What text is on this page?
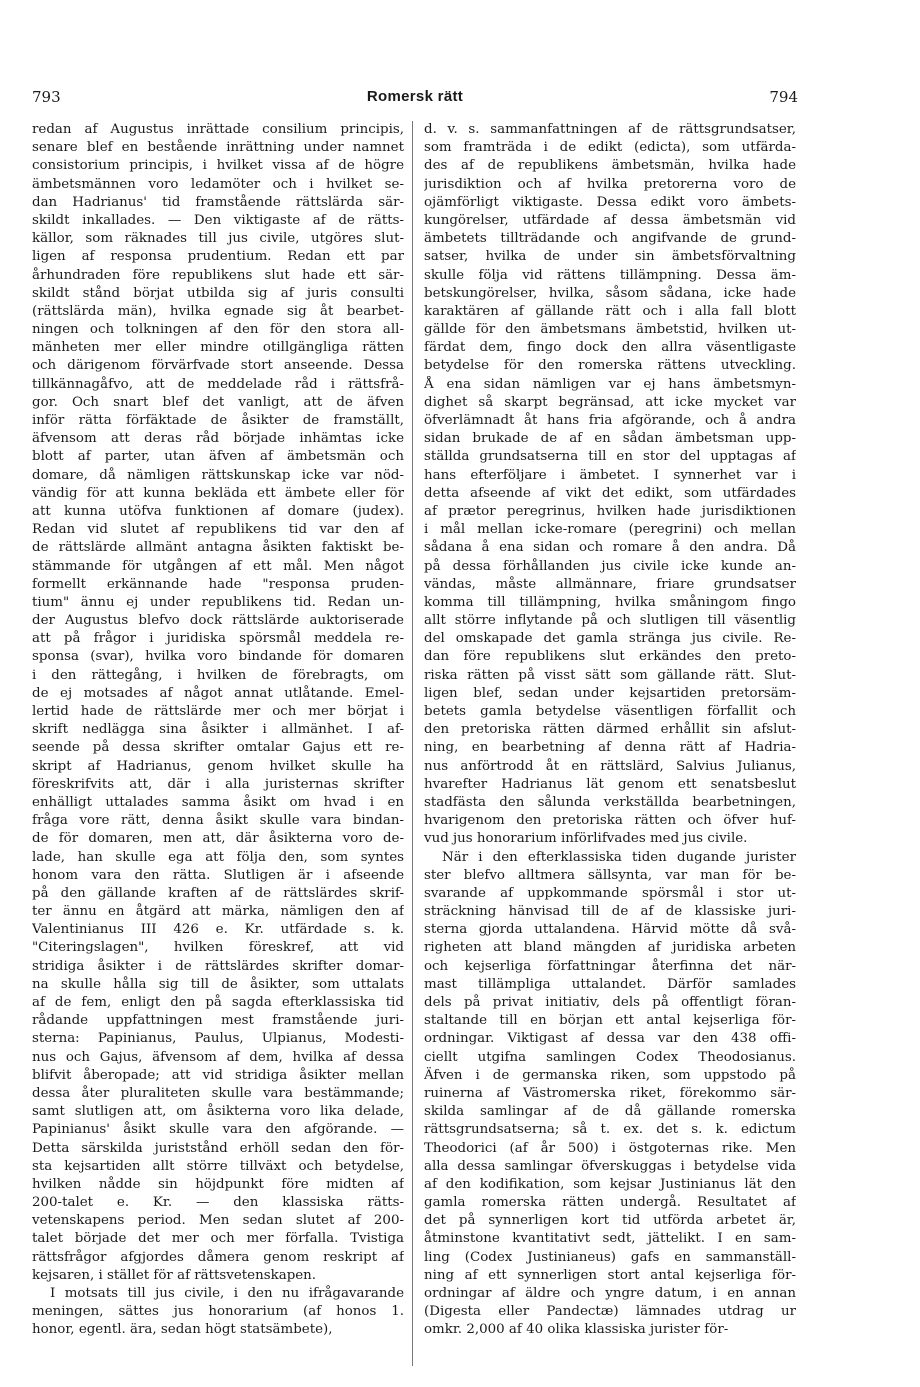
793	Romersk rätt	794
redan af Augustus inrättade consilium principis,
senare blef en bestående inrättning under namnet
consistorium principis, i hvilket vissa af de högre
ämbetsmännen voro ledamöter och i hvilket se-
dan Hadrianus' tid framstående rättslärda sär-
skildt inkallades. — Den viktigaste af de rätts-
källor, som räknades till jus civile, utgöres slut-
ligen af responsa prudentium. Redan ett par
århundraden före republikens slut hade ett sär-
skildt stånd börjat utbilda sig af juris consulti
(rättslärda män), hvilka egnade sig åt bearbet-
ningen och tolkningen af den för den stora all-
mänheten mer eller mindre otillgängliga rätten
och därigenom förvärfvade stort anseende. Dessa
tillkännagåfvo, att de meddelade råd i rättsfrå-
gor. Och snart blef det vanligt, att de äfven
inför rätta förfäktade de åsikter de framställt,
äfvensom att deras råd började inhämtas icke
blott af parter, utan äfven af ämbetsmän och
domare, då nämligen rättskunskap icke var nöd-
vändig för att kunna bekläda ett ämbete eller för
att kunna utöfva funktionen af domare (judex).
Redan vid slutet af republikens tid var den af
de rättslärde allmänt antagna åsikten faktiskt be-
stämmande för utgången af ett mål. Men något
formellt erkännande hade "responsa pruden-
tium" ännu ej under republikens tid. Redan un-
der Augustus blefvo dock rättslärde auktoriserade
att på frågor i juridiska spörsmål meddela re-
sponsa (svar), hvilka voro bindande för domaren
i den rättegång, i hvilken de förebragts, om
de ej motsades af något annat utlåtande. Emel-
lertid hade de rättslärde mer och mer börjat i
skrift nedlägga sina åsikter i allmänhet. I af-
seende på dessa skrifter omtalar Gajus ett re-
skript af Hadrianus, genom hvilket skulle ha
föreskrifvits att, där i alla juristernas skrifter
enhälligt uttalades samma åsikt om hvad i en
fråga vore rätt, denna åsikt skulle vara bindan-
de för domaren, men att, där åsikterna voro de-
lade, han skulle ega att följa den, som syntes
honom vara den rätta. Slutligen är i afseende
på den gällande kraften af de rättslärdes skrif-
ter ännu en åtgärd att märka, nämligen den af
Valentinianus III 426 e. Kr. utfärdade s. k.
"Citeringslagen", hvilken föreskref, att vid
stridiga åsikter i de rättslärdes skrifter domar-
na skulle hålla sig till de åsikter, som uttalats
af de fem, enligt den på sagda efterklassiska tid
rådande uppfattningen mest framstående juri-
sterna: Papinianus, Paulus, Ulpianus, Modesti-
nus och Gajus, äfvensom af dem, hvilka af dessa
blifvit åberopade; att vid stridiga åsikter mellan
dessa åter pluraliteten skulle vara bestämmande;
samt slutligen att, om åsikterna voro lika delade,
Papinianus' åsikt skulle vara den afgörande. —
Detta särskilda juriststånd erhöll sedan den för-
sta kejsartiden allt större tillväxt och betydelse,
hvilken nådde sin höjdpunkt före midten af
200-talet e. Kr. — den klassiska rätts-
vetenskapens period. Men sedan slutet af 200-
talet började det mer och mer förfalla. Tvistiga
rättsfrågor afgjordes dåmera genom reskript af
kejsaren, i stället för af rättsvetenskapen.
I motsats till jus civile, i den nu ifrågavarande
meningen, sättes jus honorarium (af honos 1.
honor, egentl. ära, sedan högt statsämbete),
d. v. s. sammanfattningen af de rättsgrundsatser,
som framträda i de edikt (edicta), som utfärda-
des af de republikens ämbetsmän, hvilka hade
jurisdiktion och af hvilka pretorerna voro de
ojämförligt viktigaste. Dessa edikt voro ämbets-
kungörelser, utfärdade af dessa ämbetsmän vid
ämbetets tillträdande och angifvande de grund-
satser, hvilka de under sin ämbetsförvaltning
skulle följa vid rättens tillämpning. Dessa äm-
betskungörelser, hvilka, såsom sådana, icke hade
karaktären af gällande rätt och i alla fall blott
gällde för den ämbetsmans ämbetstid, hvilken ut-
färdat dem, fingo dock den allra väsentligaste
betydelse för den romerska rättens utveckling.
Å ena sidan nämligen var ej hans ämbetsmyn-
dighet så skarpt begränsad, att icke mycket var
öfverlämnadt åt hans fria afgörande, och å andra
sidan brukade de af en sådan ämbetsman upp-
ställda grundsatserna till en stor del upptagas af
hans efterföljare i ämbetet. I synnerhet var i
detta afseende af vikt det edikt, som utfärdades
af prætor peregrinus, hvilken hade jurisdiktionen
i mål mellan icke-romare (peregrini) och mellan
sådana å ena sidan och romare å den andra. Då
på dessa förhållanden jus civile icke kunde an-
vändas, måste allmännare, friare grundsatser
komma till tillämpning, hvilka småningom fingo
allt större inflytande på och slutligen till väsentlig
del omskapade det gamla stränga jus civile. Re-
dan före republikens slut erkändes den preto-
riska rätten på visst sätt som gällande rätt. Slut-
ligen blef, sedan under kejsartiden pretorsäm-
betets gamla betydelse väsentligen förfallit och
den pretoriska rätten därmed erhållit sin afslut-
ning, en bearbetning af denna rätt af Hadria-
nus anförtrodd åt en rättslärd, Salvius Julianus,
hvarefter Hadrianus lät genom ett senatsbeslut
stadfästa den sålunda verkställda bearbetningen,
hvarigenom den pretoriska rätten och öfver huf-
vud jus honorarium införlifvades med jus civile.
När i den efterklassiska tiden dugande jurister
ster blefvo alltmera sällsynta, var man för be-
svarande af uppkommande spörsmål i stor ut-
sträckning hänvisad till de af de klassiske juri-
sterna gjorda uttalandena. Härvid mötte då svå-
righeten att bland mängden af juridiska arbeten
och kejserliga författningar återfinna det när-
mast tillämpliga uttalandet. Därför samlades
dels på privat initiativ, dels på offentligt föran-
staltande till en början ett antal kejserliga för-
ordningar. Viktigast af dessa var den 438 offi-
ciellt utgifna samlingen Codex Theodosianus.
Äfven i de germanska riken, som uppstodo på
ruinerna af Västromerska riket, förekommo sär-
skilda samlingar af de då gällande romerska
rättsgrundsatserna; så t. ex. det s. k. edictum
Theodorici (af år 500) i östgoternas rike. Men
alla dessa samlingar öfverskuggas i betydelse vida
af den kodifikation, som kejsar Justinianus lät den
gamla romerska rätten undergå. Resultatet af
det på synnerligen kort tid utförda arbetet är,
åtminstone kvantitativt sedt, jättelikt. I en sam-
ling (Codex Justinianeus) gafs en sammanställ-
ning af ett synnerligen stort antal kejserliga för-
ordningar af äldre och yngre datum, i en annan
(Digesta eller Pandectæ) lämnades utdrag ur
omkr. 2,000 af 40 olika klassiska jurister för-
